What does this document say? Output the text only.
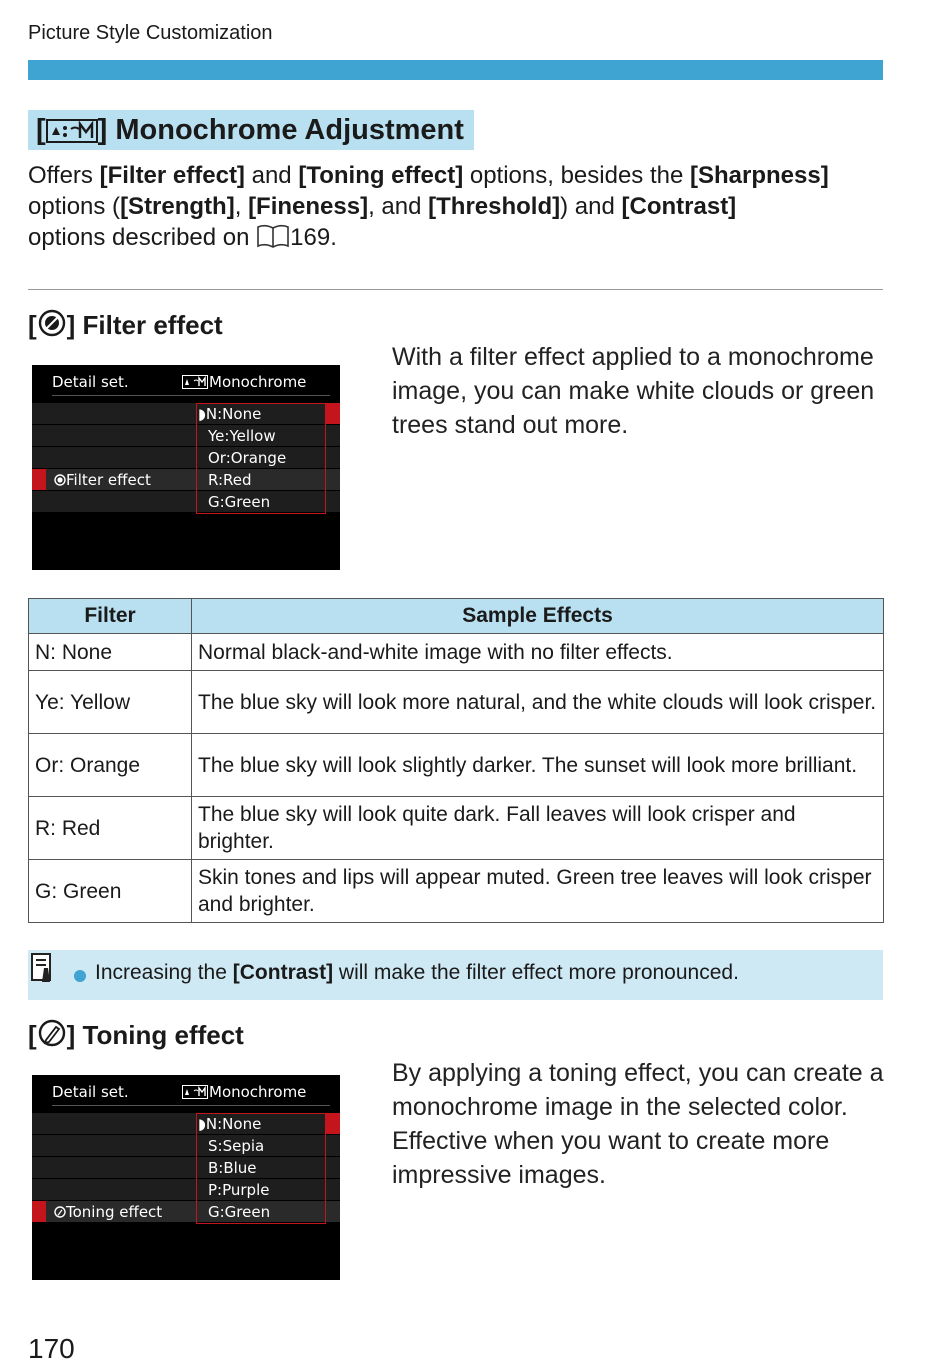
Picture Style Customization
[ ] Monochrome Adjustment
Offers [Filter effect] and [Toning effect] options, besides the [Sharpness]
options ([Strength], [Fineness], and [Threshold]) and [Contrast]
options described on 169.
[ ] Filter effect
Detail set.	Monochrome
Filter effect
◗N:None
Ye:Yellow
Or:Orange
R:Red
G:Green
With a filter effect applied to a monochrome image, you can make white clouds or green trees stand out more.
Filter	Sample Effects
N: None	Normal black-and-white image with no filter effects.
Ye: Yellow	The blue sky will look more natural, and the white clouds will look crisper.
Or: Orange	The blue sky will look slightly darker. The sunset will look more brilliant.
R: Red	The blue sky will look quite dark. Fall leaves will look crisper and brighter.
G: Green	Skin tones and lips will appear muted. Green tree leaves will look crisper and brighter.
Increasing the [Contrast] will make the filter effect more pronounced.
[ ] Toning effect
Detail set.	Monochrome
Toning effect
◗N:None
S:Sepia
B:Blue
P:Purple
G:Green
By applying a toning effect, you can create a monochrome image in the selected color. Effective when you want to create more impressive images.
170
